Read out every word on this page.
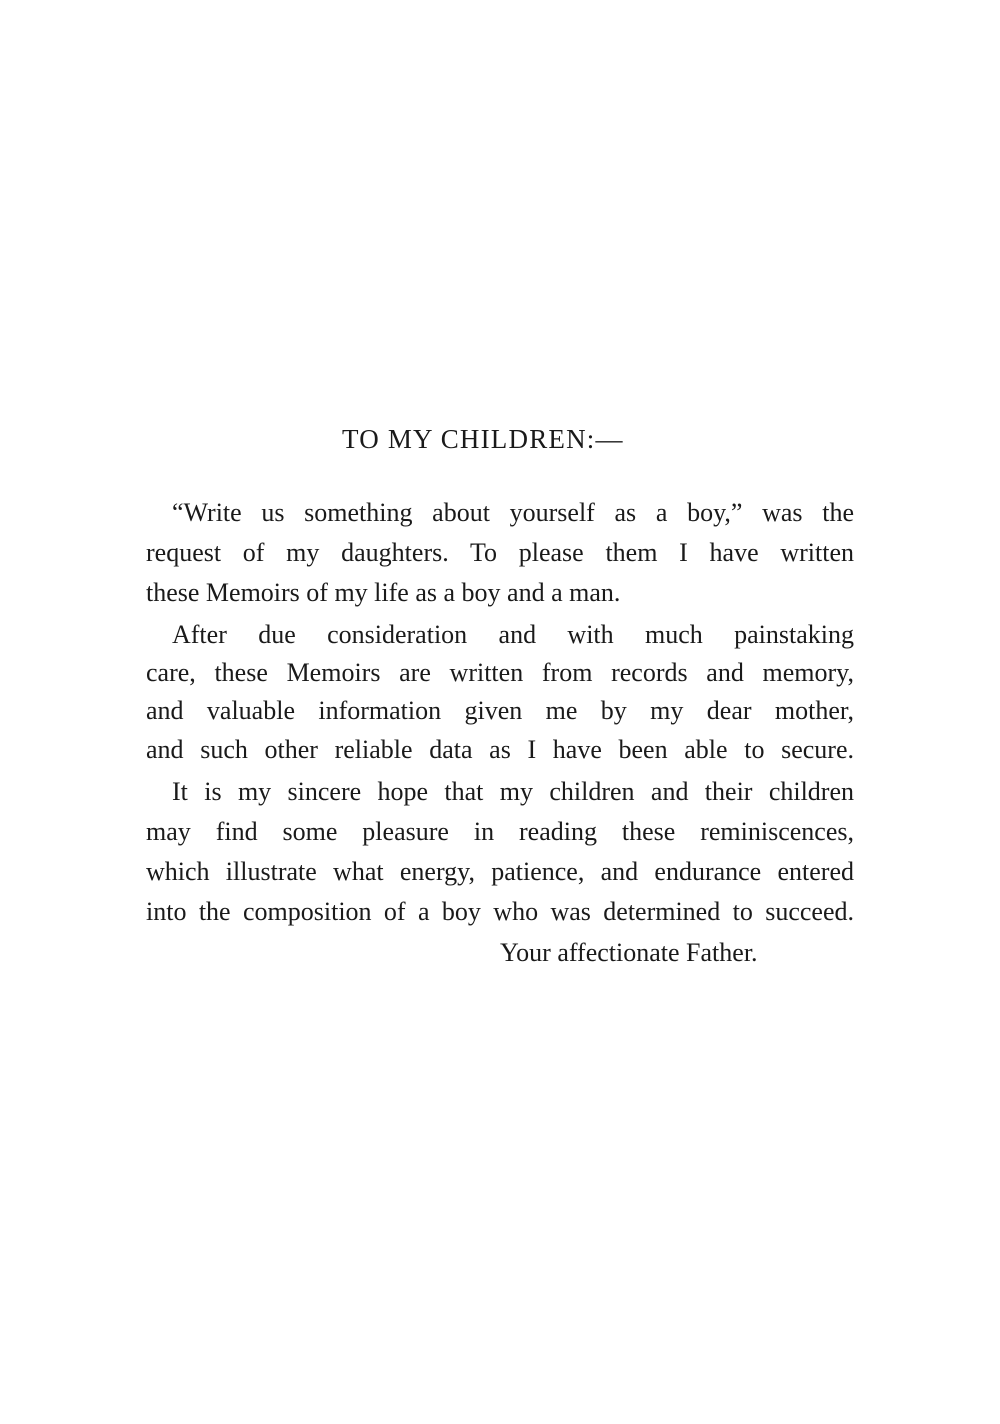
TO MY CHILDREN:—
“Write us something about yourself as a boy,” was the
request of my daughters. To please them I have written
these Memoirs of my life as a boy and a man.
After due consideration and with much painstaking
care, these Memoirs are written from records and memory,
and valuable information given me by my dear mother,
and such other reliable data as I have been able to secure.
It is my sincere hope that my children and their children
may find some pleasure in reading these reminiscences,
which illustrate what energy, patience, and endurance entered
into the composition of a boy who was determined to succeed.
Your affectionate Father.
